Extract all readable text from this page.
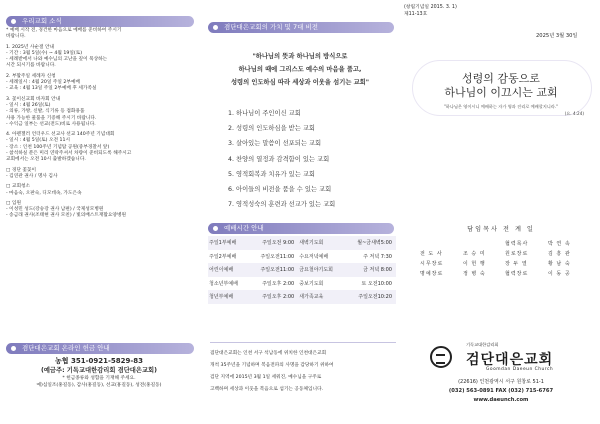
우리교회 소식
* 예배 시작 전, 경건한 마음으로 예배를 준비하여 주시기
바랍니다.
1. 2025년 사순절 안내
- 기간 : 3월 5일(수) ~ 4월 19일(토)
- 세례받에서 나와 예수님의 고난을 깊이 묵상하는
시간 되시기를 바랍니다.
2. 부활주일 세례자 신청
- 세례일시 : 4월 20일 주일 2부예배
- 교육 : 4월 13일 주일 2부예배 후 세가족실
3. 꽃이신교회 바자회 안내
- 일시 : 4월 26일(토)
- 의류, 가방, 신발, 식기류 등 접화용품
사용 가능한 물품을 기증해 주시기 바랍니다.
- 수익금 일부는 선교(전도)비로 사용됩니다.
4. 아펜젤러 언더우드 선교사 선교 140주년 기념대회
- 일시 : 4월 5일(토) 오전 11시
- 장소 : 인천 100주년 기념탑 공원(중부경찰서 앞)
- 참석하실 분은 미리 연락주셔서 차량이 준비되도록 해주시고
교회에서는 오전 10시 출발하겠습니다.
□ 경단 꽃꽂이
- 김연관 권사 / 명사 김사
□ 교회청소
- 마음숙, 오판숙, 디모데속, 가도은속
□ 입원
- 이성민 성도(강숭강 권사 남편) / 국제성모병원
- 송금래 권사(조태현 권사 모친) / 빛의배스트재활요양병원
겸단대은교회 온라인 헌금 안내
농협 351-0921-5829-83
(예금주: 기독교대한감리회 겸단대은교회)
* 헌금종류와 성함을 기재해 주세요.
예)십일조(홍길동), 감사(홍길동), 선교(홍길동), 성전(홍길동)
겸단대은교회의 가치 및 7대 비전
"하나님의 뜻과 하나님의 방식으로
하나님의 때에 그리스도 예수의 마음을 품고,
성령의 인도하심 따라 세상과 이웃을 섬기는 교회"
1. 하나님이 주인이신 교회
2. 성령의 인도하심을 받는 교회
3. 살아있는 말씀이 선포되는 교회
4. 찬양의 열정과 감격함이 있는 교회
5. 영적회복과 치유가 있는 교회
6. 아이들의 비전을 품을 수 있는 교회
7. 영적성숙의 훈련과 선교가 있는 교회
예배시간 안내
주일1부예배	주일오전 9:00	새벽기도회	월~금새벽5:00
주일2부예배	주일오전11:00	수요저녁예배	주 저녁 7:30
어린이예배	주일오전11:00	금요철야기도회	금 저녁 8:00
청소년부예배	주일오후 2:00	중보기도회	토 오전10:00
청년부예배	주일오후 2:00	새가족교육	주일오전10:20
겸단대은교회는 인천 서구 석남동에 위치한 인천대은교회
개척 35주년을 기념하며 복음전파의 사명을 감당하기 위하여
검단 지역에 2015년 3월 1일 세워진, 예수님을 구주로
고백하며 세상과 이웃을 복음으로 섬기는 공동체입니다.
(창립기념일 2015. 3. 1)
제11-13호
2025년 3월 30일
성령의 감동으로
하나님이 이끄시는 교회
"하나님은 영이시니 예배하는 자가 영과 진리로 예배할지니라."
(요. 4:24)
담임목사 전 계 일
		협력목사	박 연 속
전 도 사	조 승 미	원로장로	김 흥 관
시무장로	이 헌 행	장 두 열	황 남 숙
명예장로	정 병 숙	협력장로	이 동 공
기독교대한감리회
검단대은교회
Goomdan Daeeun Church
(22616) 인천광역시 서구 원창로 51-1
(032) 563-0891 FAX (032) 715-6767
www.daeunch.com
